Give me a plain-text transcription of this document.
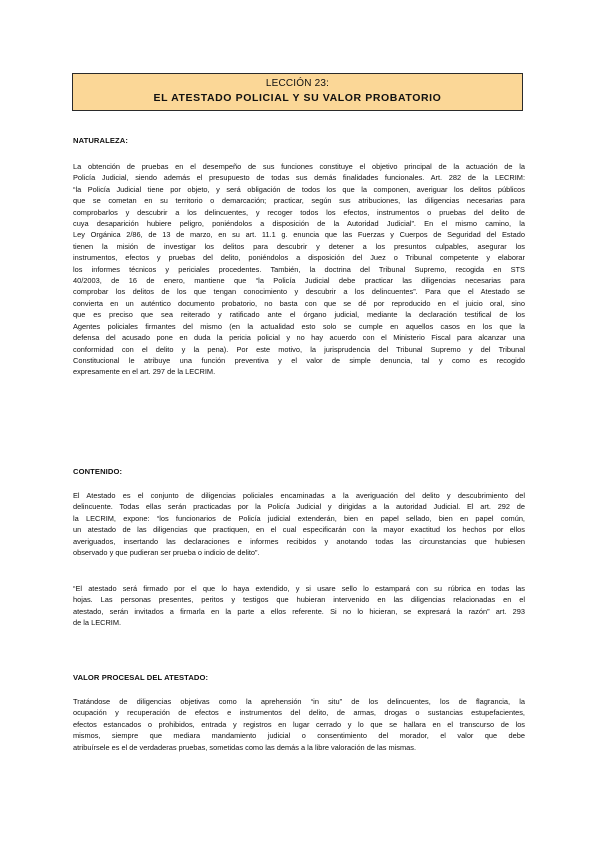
LECCIÓN 23:
EL ATESTADO POLICIAL Y SU VALOR PROBATORIO
NATURALEZA:
La obtención de pruebas en el desempeño de sus funciones constituye el objetivo principal de la actuación de la
Policía Judicial, siendo además el presupuesto de todas sus demás finalidades funcionales. Art. 282 de la LECRIM:
“la Policía Judicial tiene por objeto, y será obligación de todos los que la componen, averiguar los delitos públicos
que se cometan en su territorio o demarcación; practicar, según sus atribuciones, las diligencias necesarias para
comprobarlos y descubrir a los delincuentes, y recoger todos los efectos, instrumentos o pruebas del delito de
cuya desaparición hubiere peligro, poniéndolos a disposición de la Autoridad Judicial”. En el mismo camino, la
Ley Orgánica 2/86, de 13 de marzo, en su art. 11.1 g. enuncia que las Fuerzas y Cuerpos de Seguridad del Estado
tienen la misión de investigar los delitos para descubrir y detener a los presuntos culpables, asegurar los
instrumentos, efectos y pruebas del delito, poniéndolos a disposición del Juez o Tribunal competente y elaborar
los informes técnicos y periciales procedentes. También, la doctrina del Tribunal Supremo, recogida en STS
40/2003, de 16 de enero, mantiene que “la Policía Judicial debe practicar las diligencias necesarias para
comprobar los delitos de los que tengan conocimiento y descubrir a los delincuentes”. Para que el Atestado se
convierta en un auténtico documento probatorio, no basta con que se dé por reproducido en el juicio oral, sino
que es preciso que sea reiterado y ratificado ante el órgano judicial, mediante la declaración testifical de los
Agentes policiales firmantes del mismo (en la actualidad esto solo se cumple en aquellos casos en los que la
defensa del acusado pone en duda la pericia policial y no hay acuerdo con el Ministerio Fiscal para alcanzar una
conformidad con el delito y la pena). Por este motivo, la jurisprudencia del Tribunal Supremo y del Tribunal
Constitucional le atribuye una función preventiva y el valor de simple denuncia, tal y como es recogido
expresamente en el art. 297 de la LECRIM.
CONTENIDO:
El Atestado es el conjunto de diligencias policiales encaminadas a la averiguación del delito y descubrimiento del
delincuente. Todas ellas serán practicadas por la Policía Judicial y dirigidas a la autoridad Judicial. El art. 292 de
la LECRIM, expone: “los funcionarios de Policía judicial extenderán, bien en papel sellado, bien en papel común,
un atestado de las diligencias que practiquen, en el cual especificarán con la mayor exactitud los hechos por ellos
averiguados, insertando las declaraciones e informes recibidos y anotando todas las circunstancias que hubiesen
observado y que pudieran ser prueba o indicio de delito”.
“El atestado será firmado por el que lo haya extendido, y si usare sello lo estampará con su rúbrica en todas las
hojas. Las personas presentes, peritos y testigos que hubieran intervenido en las diligencias relacionadas en el
atestado, serán invitados a firmarla en la parte a ellos referente. Si no lo hicieran, se expresará la razón” art. 293
de la LECRIM.
VALOR PROCESAL DEL ATESTADO:
Tratándose de diligencias objetivas como la aprehensión “in situ” de los delincuentes, los de flagrancia, la
ocupación y recuperación de efectos e instrumentos del delito, de armas, drogas o sustancias estupefacientes,
efectos estancados o prohibidos, entrada y registros en lugar cerrado y lo que se hallara en el transcurso de los
mismos, siempre que mediara mandamiento judicial o consentimiento del morador, el valor que debe
atribuírsele es el de verdaderas pruebas, sometidas como las demás a la libre valoración de las mismas.
